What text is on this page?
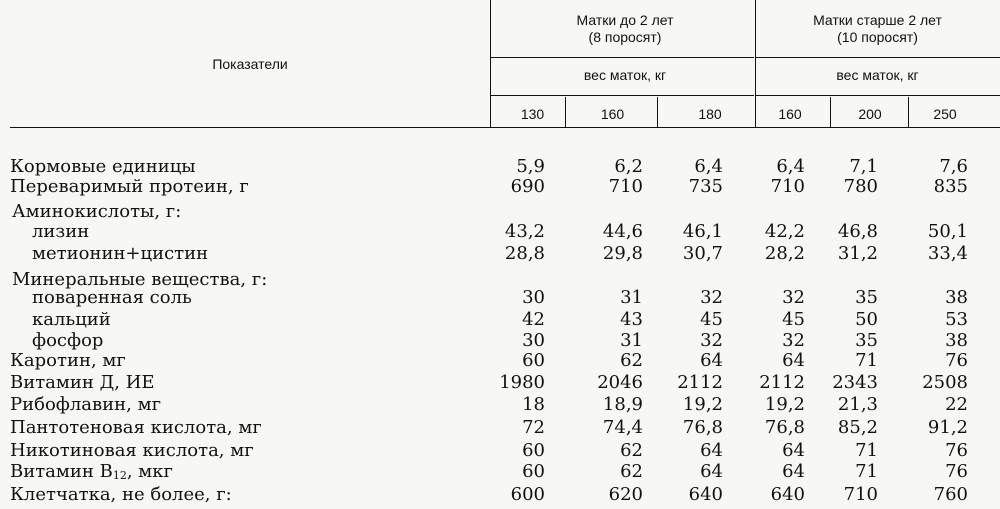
Показатели
Матки до 2 лет
(8 поросят)
Матки старше 2 лет
(10 поросят)
вес маток, кг	вес маток, кг
130	160	180	160	200	250
Кормовые единицы	5,9	6,2	6,4	6,4	7,1	7,6
Переваримый протеин, г	690	710	735	710	780	835
Аминокислоты, г:
лизин	43,2	44,6	46,1	42,2	46,8	50,1
метионин+цистин	28,8	29,8	30,7	28,2	31,2	33,4
Минеральные вещества, г:
поваренная соль	30	31	32	32	35	38
кальций	42	43	45	45	50	53
фосфор	30	31	32	32	35	38
Каротин, мг	60	62	64	64	71	76
Витамин Д, ИЕ	1980	2046	2112	2112	2343	2508
Рибофлавин, мг	18	18,9	19,2	19,2	21,3	22
Пантотеновая кислота, мг	72	74,4	76,8	76,8	85,2	91,2
Никотиновая кислота, мг	60	62	64	64	71	76
Витамин $B_{12}$, мкг	60	62	64	64	71	76
Клетчатка, не более, г:	600	620	640	640	710	760
